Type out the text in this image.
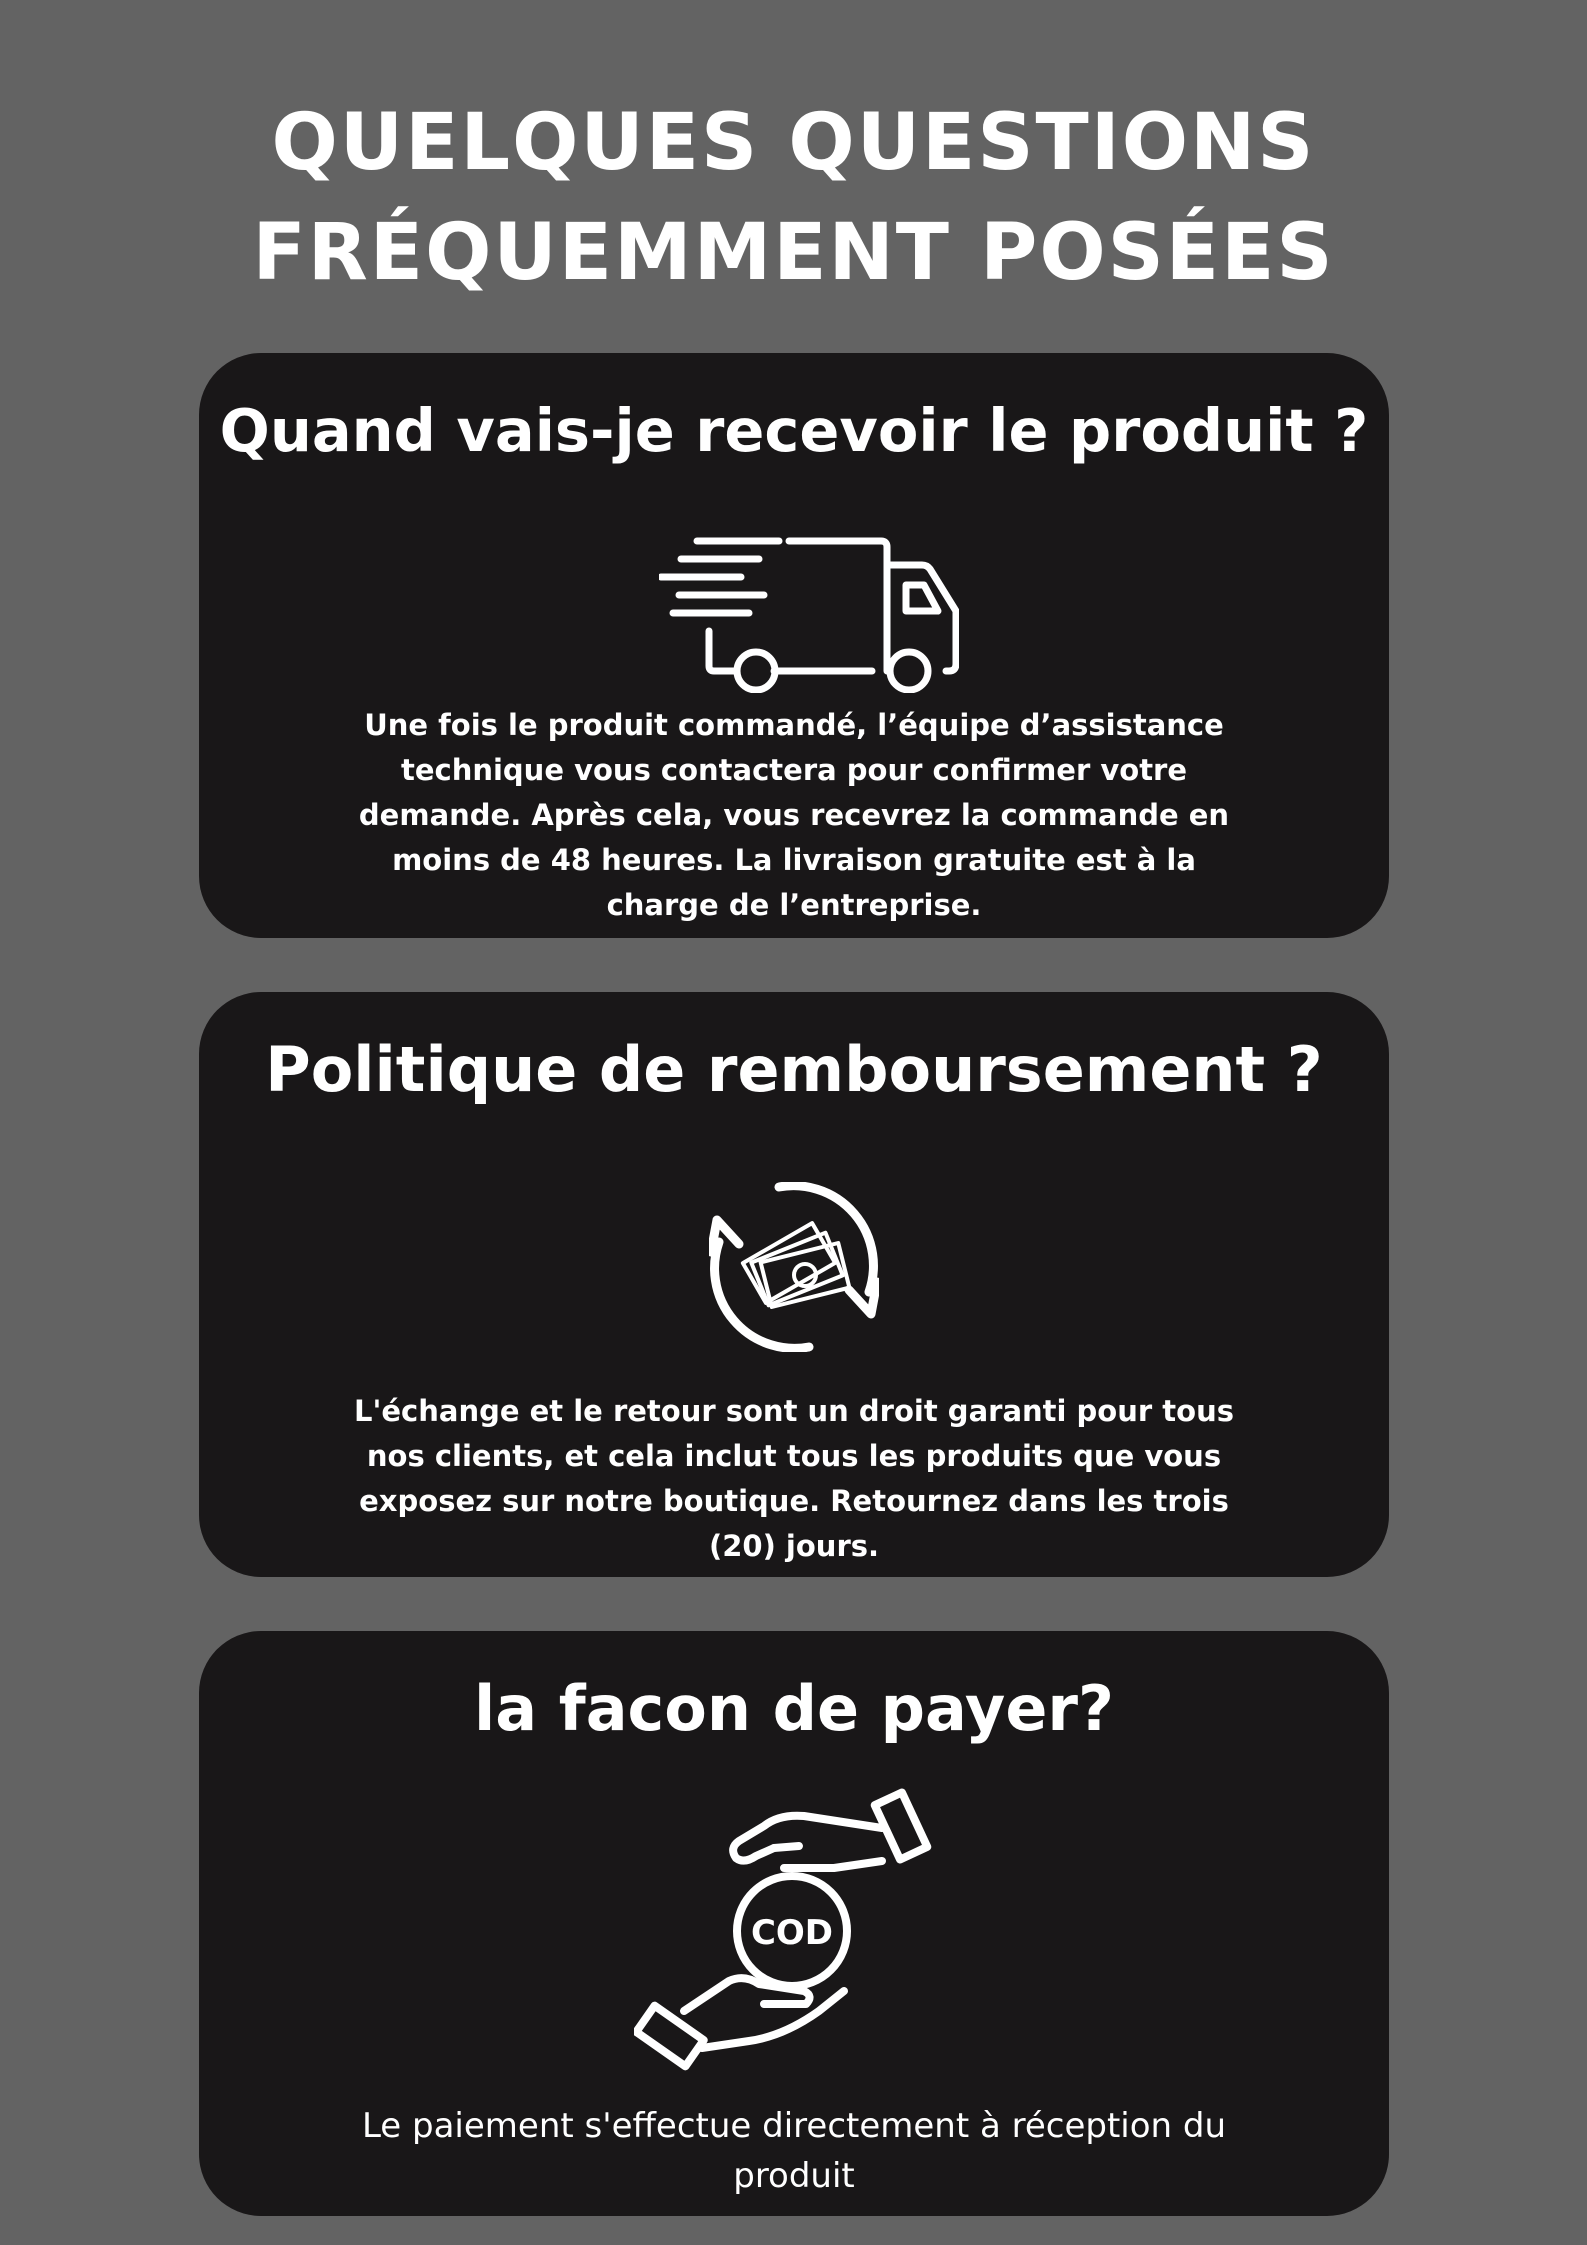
QUELQUES QUESTIONS
FRÉQUEMMENT POSÉES
Quand vais-je recevoir le produit ?

Une fois le produit commandé, l’équipe d’assistance technique vous contactera pour confirmer votre demande. Après cela, vous recevrez la commande en moins de 48 heures. La livraison gratuite est à la charge de l’entreprise.

Politique de remboursement ?

L'échange et le retour sont un droit garanti pour tous nos clients, et cela inclut tous les produits que vous exposez sur notre boutique. Retournez dans les trois (20) jours.

la facon de payer?
COD

Le paiement s'effectue directement à réception du produit
